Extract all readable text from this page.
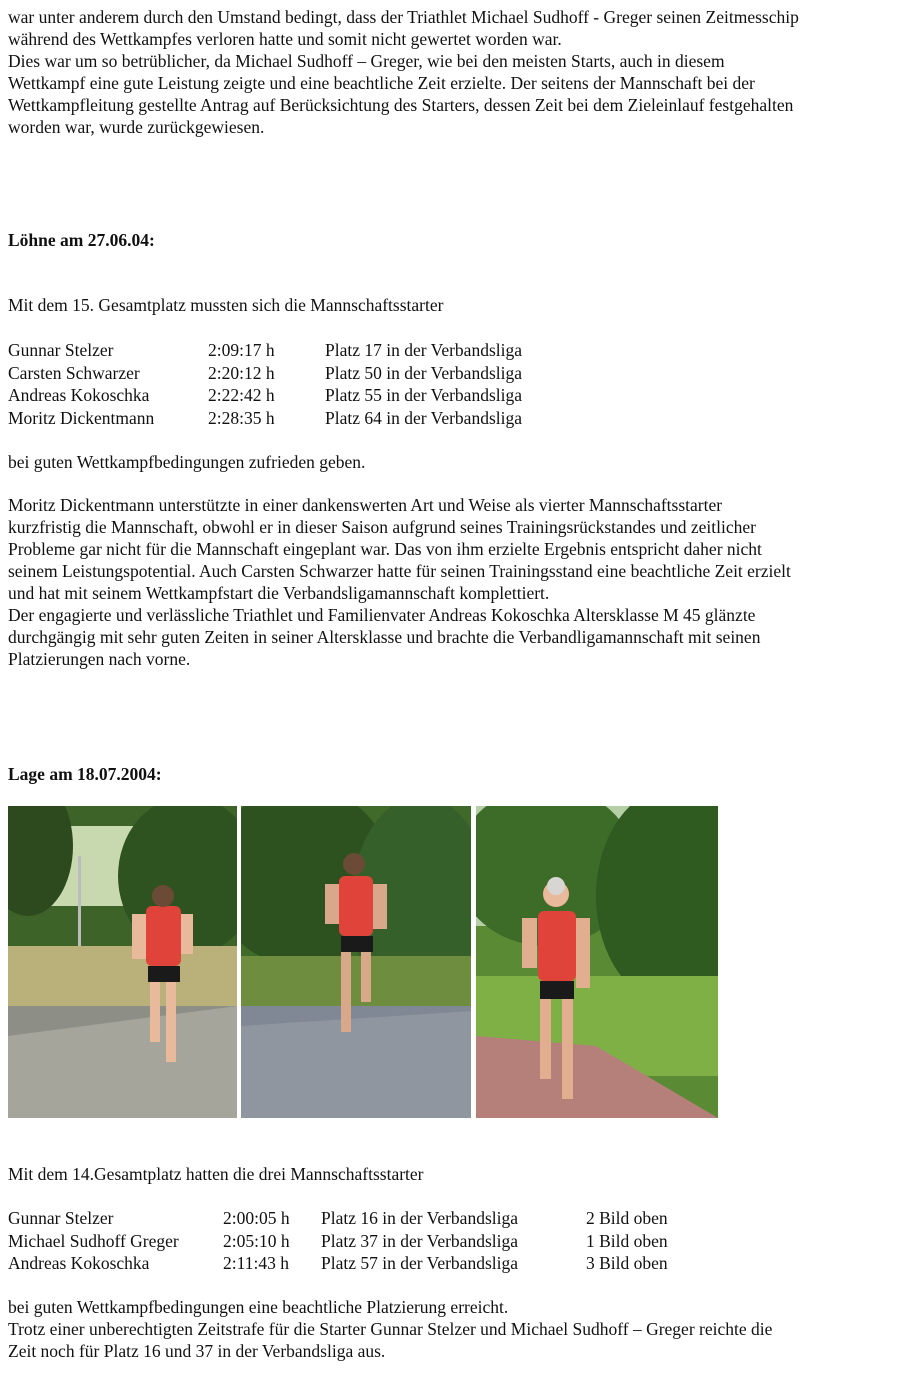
war unter anderem durch den Umstand bedingt, dass der Triathlet Michael Sudhoff - Greger seinen Zeitmesschip
während des Wettkampfes verloren hatte und somit nicht gewertet worden war.
Dies war um so betrüblicher, da Michael Sudhoff – Greger, wie bei den meisten Starts, auch in diesem
Wettkampf eine gute Leistung zeigte und eine beachtliche Zeit erzielte. Der seitens der Mannschaft bei der
Wettkampfleitung gestellte Antrag auf Berücksichtung des Starters, dessen Zeit bei dem Zieleinlauf festgehalten
worden war, wurde zurückgewiesen.
Löhne am 27.06.04:
Mit dem 15. Gesamtplatz mussten sich die Mannschaftsstarter
Gunnar Stelzer	2:09:17 h	Platz 17 in der Verbandsliga
Carsten Schwarzer	2:20:12 h	Platz 50 in der Verbandsliga
Andreas Kokoschka	2:22:42 h	Platz 55 in der Verbandsliga
Moritz Dickentmann	2:28:35 h	Platz 64 in der Verbandsliga
bei guten Wettkampfbedingungen zufrieden geben.
Moritz Dickentmann unterstützte in einer dankenswerten Art und Weise als vierter Mannschaftsstarter
kurzfristig die Mannschaft, obwohl er in dieser Saison aufgrund seines Trainingsrückstandes und zeitlicher
Probleme gar nicht für die Mannschaft eingeplant war. Das von ihm erzielte Ergebnis entspricht daher nicht
seinem Leistungspotential. Auch Carsten Schwarzer hatte für seinen Trainingsstand eine beachtliche Zeit erzielt
und hat mit seinem Wettkampfstart die Verbandsligamannschaft komplettiert.
Der engagierte und verlässliche Triathlet und Familienvater Andreas Kokoschka Altersklasse M 45 glänzte
durchgängig mit sehr guten Zeiten in seiner Altersklasse und brachte die Verbandligamannschaft mit seinen
Platzierungen nach vorne.
Lage am 18.07.2004:
Mit dem 14.Gesamtplatz hatten die drei Mannschaftsstarter
Gunnar Stelzer	2:00:05 h Platz 16 in der Verbandsliga	2 Bild oben
Michael Sudhoff Greger	2:05:10 h Platz 37 in der Verbandsliga	1 Bild oben
Andreas Kokoschka	2:11:43 h Platz 57 in der Verbandsliga	3 Bild oben
bei guten Wettkampfbedingungen eine beachtliche Platzierung erreicht.
Trotz einer unberechtigten Zeitstrafe für die Starter Gunnar Stelzer und Michael Sudhoff – Greger reichte die
Zeit noch für Platz 16 und 37 in der Verbandsliga aus.
